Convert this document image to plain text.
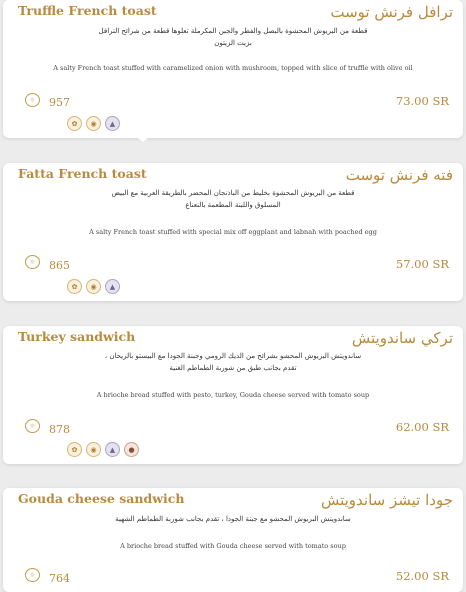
Truffle French toast	ترافل فرنش توست
قطعة من البريوش المحشوة بالبصل والفطر والجبن المكرملة تعلوها قطعة من شرائح الترافل بزيت الزيتون
A salty French toast stuffed with caramelized onion with mushroom, topped with slice of truffle with olive oil
☼	957	73.00 SR
✿	◉	▲
Fatta French toast	فته فرنش توست
قطعة من البريوش المحشوة بخليط من الباذنجان المحضر بالطريقة العربية مع البيض المسلوق واللبنة المطعمة بالنعناع
A salty French toast stuffed with special mix off eggplant and labnah with poached egg
☼	865	57.00 SR
✿	◉	▲
Turkey sandwich	تركي ساندويتش
ساندويتش البريوش المحشو بشرائح من الديك الرومي وجبنة الجودا مع البيستو بالريحان ، تقدم بجانب طبق من شوربة الطماطم الغنية
A brioche bread stuffed with pesto, turkey, Gouda cheese served with tomato soup
☼	878	62.00 SR
✿	◉	▲	●
Gouda cheese sandwich	جودا تيشز ساندويتش
ساندويتش البريوش المحشو مع جبنة الجودا ، تقدم بجانب شوربة الطماطم الشهية
A brioche bread stuffed with Gouda cheese served with tomato soup
☼	764	52.00 SR
